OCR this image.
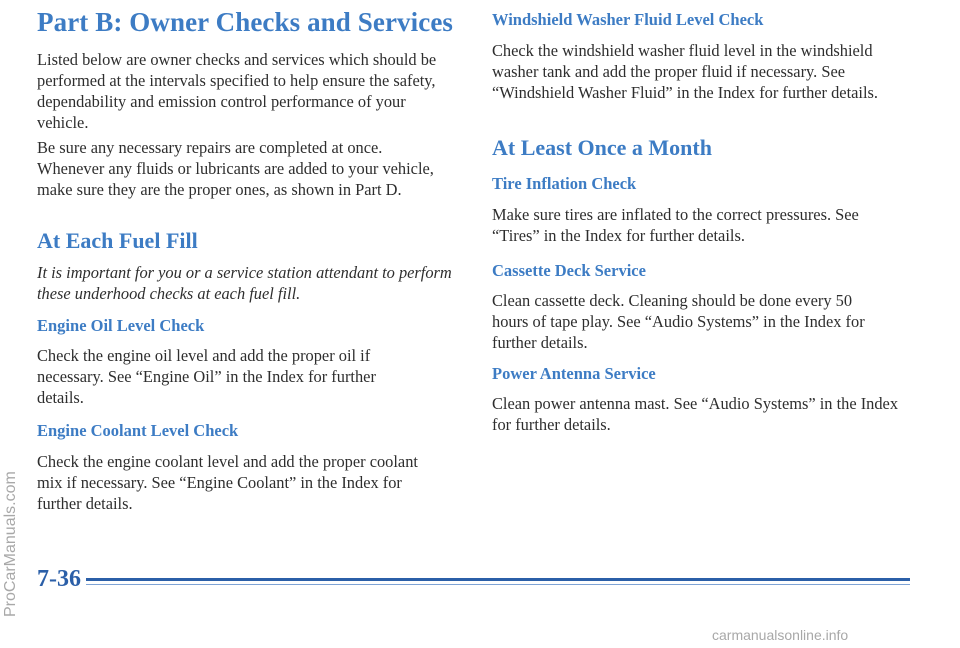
Part B: Owner Checks and Services

Listed below are owner checks and services which should be performed at the intervals specified to help ensure the safety, dependability and emission control performance of your vehicle.

Be sure any necessary repairs are completed at once. Whenever any fluids or lubricants are added to your vehicle, make sure they are the proper ones, as shown in Part D.

At Each Fuel Fill

It is important for you or a service station attendant to perform these underhood checks at each fuel fill.

Engine Oil Level Check

Check the engine oil level and add the proper oil if necessary. See “Engine Oil” in the Index for further details.

Engine Coolant Level Check

Check the engine coolant level and add the proper coolant mix if necessary. See “Engine Coolant” in the Index for further details.

Windshield Washer Fluid Level Check

Check the windshield washer fluid level in the windshield washer tank and add the proper fluid if necessary. See “Windshield Washer Fluid” in the Index for further details.

At Least Once a Month
Tire Inflation Check

Make sure tires are inflated to the correct pressures. See “Tires” in the Index for further details.

Cassette Deck Service

Clean cassette deck. Cleaning should be done every 50 hours of tape play. See “Audio Systems” in the Index for further details.

Power Antenna Service

Clean power antenna mast. See “Audio Systems” in the Index for further details.

7-36
ProCarManuals.com
carmanualsonline.info
